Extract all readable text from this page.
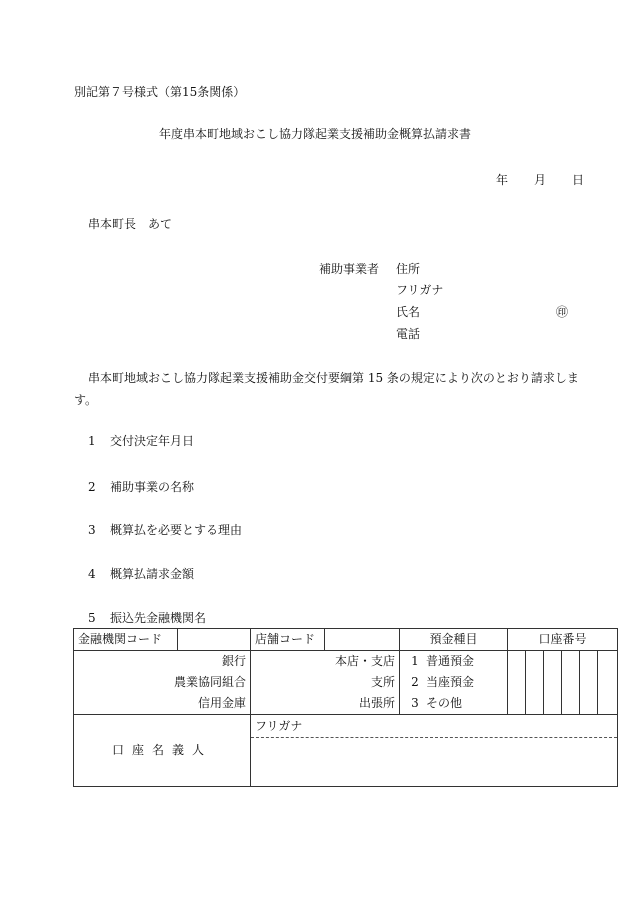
別記第７号様式（第15条関係）
年度串本町地域おこし協力隊起業支援補助金概算払請求書
年 月 日
串本町長　あて
補助事業者 住所
フリガナ
氏名	㊞
電話
串本町地域おこし協力隊起業支援補助金交付要綱第 15 条の規定により次のとおり請求します。
1 交付決定年月日
2 補助事業の名称
3 概算払を必要とする理由
4 概算払請求金額
5 振込先金融機関名
金融機関コード		店舗コード		預金種目	口座番号					
銀行		本店・支店		1 普通預金						
農業協同組合		支所		2 当座預金						
信用金庫		出張所		3 その他						
口座名義人		フリガナ								
